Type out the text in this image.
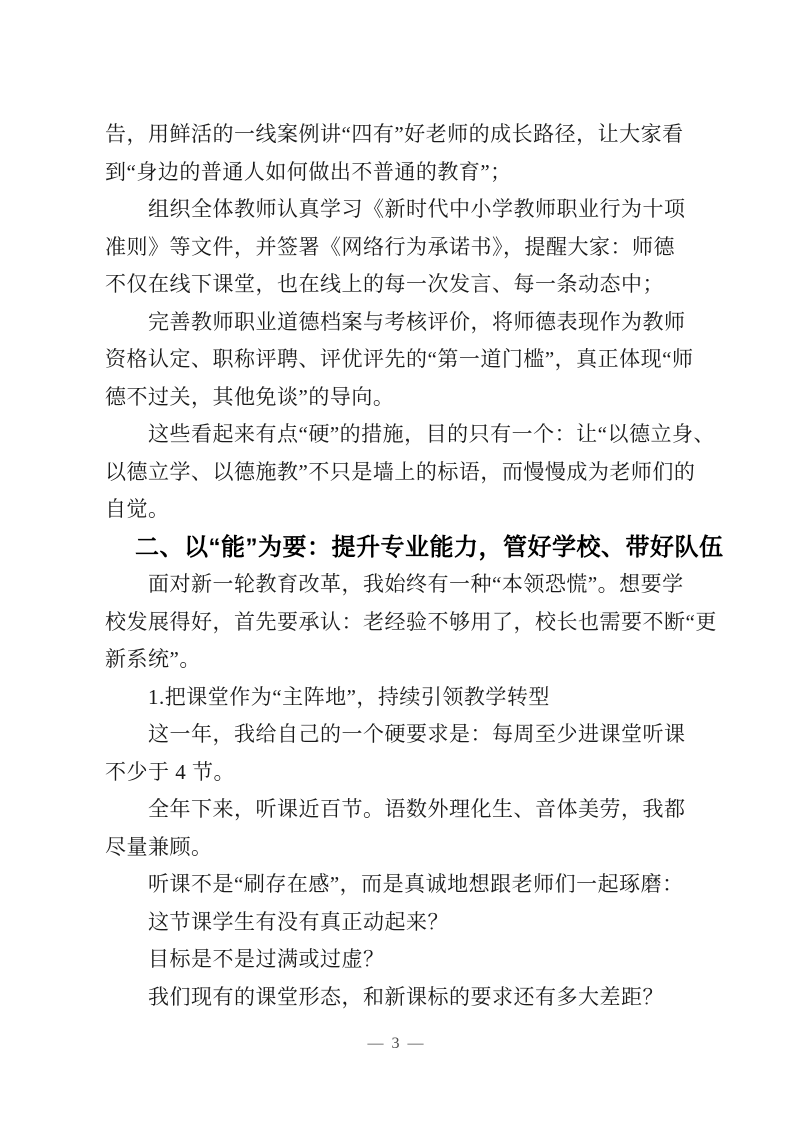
告，用鲜活的一线案例讲“四有”好老师的成长路径，让大家看
到“身边的普通人如何做出不普通的教育”；
组织全体教师认真学习《新时代中小学教师职业行为十项
准则》等文件，并签署《网络行为承诺书》，提醒大家：师德
不仅在线下课堂，也在线上的每一次发言、每一条动态中；
完善教师职业道德档案与考核评价，将师德表现作为教师
资格认定、职称评聘、评优评先的“第一道门槛”，真正体现“师
德不过关，其他免谈”的导向。
这些看起来有点“硬”的措施，目的只有一个：让“以德立身、
以德立学、以德施教”不只是墙上的标语，而慢慢成为老师们的
自觉。
二、以“能”为要：提升专业能力，管好学校、带好队伍
面对新一轮教育改革，我始终有一种“本领恐慌”。想要学
校发展得好，首先要承认：老经验不够用了，校长也需要不断“更
新系统”。
1.把课堂作为“主阵地”，持续引领教学转型
这一年，我给自己的一个硬要求是：每周至少进课堂听课
不少于 4 节。
全年下来，听课近百节。语数外理化生、音体美劳，我都
尽量兼顾。
听课不是“刷存在感”，而是真诚地想跟老师们一起琢磨：
这节课学生有没有真正动起来？
目标是不是过满或过虚？
我们现有的课堂形态，和新课标的要求还有多大差距？
— 3 —
